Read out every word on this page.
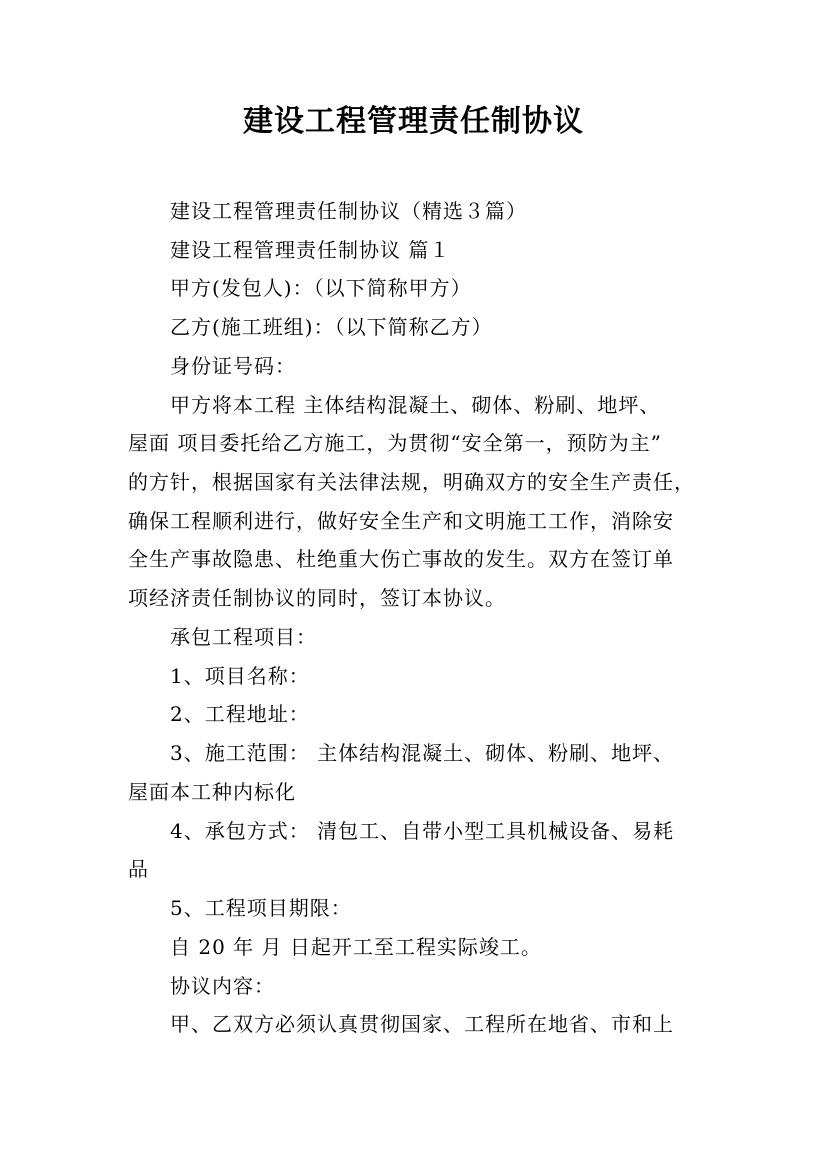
建设工程管理责任制协议
建设工程管理责任制协议（精选３篇）
建设工程管理责任制协议 篇１
甲方(发包人)：（以下简称甲方）
乙方(施工班组)：（以下简称乙方）
身份证号码：
甲方将本工程 主体结构混凝土、砌体、粉刷、地坪、
屋面 项目委托给乙方施工，为贯彻“安全第一，预防为主”
的方针，根据国家有关法律法规，明确双方的安全生产责任，
确保工程顺利进行，做好安全生产和文明施工工作，消除安
全生产事故隐患、杜绝重大伤亡事故的发生。双方在签订单
项经济责任制协议的同时，签订本协议。
承包工程项目：
1、项目名称：
2、工程地址：
3、施工范围： 主体结构混凝土、砌体、粉刷、地坪、
屋面本工种内标化
4、承包方式： 清包工、自带小型工具机械设备、易耗
品
5、工程项目期限：
自 20 年 月 日起开工至工程实际竣工。
协议内容：
甲、乙双方必须认真贯彻国家、工程所在地省、市和上
